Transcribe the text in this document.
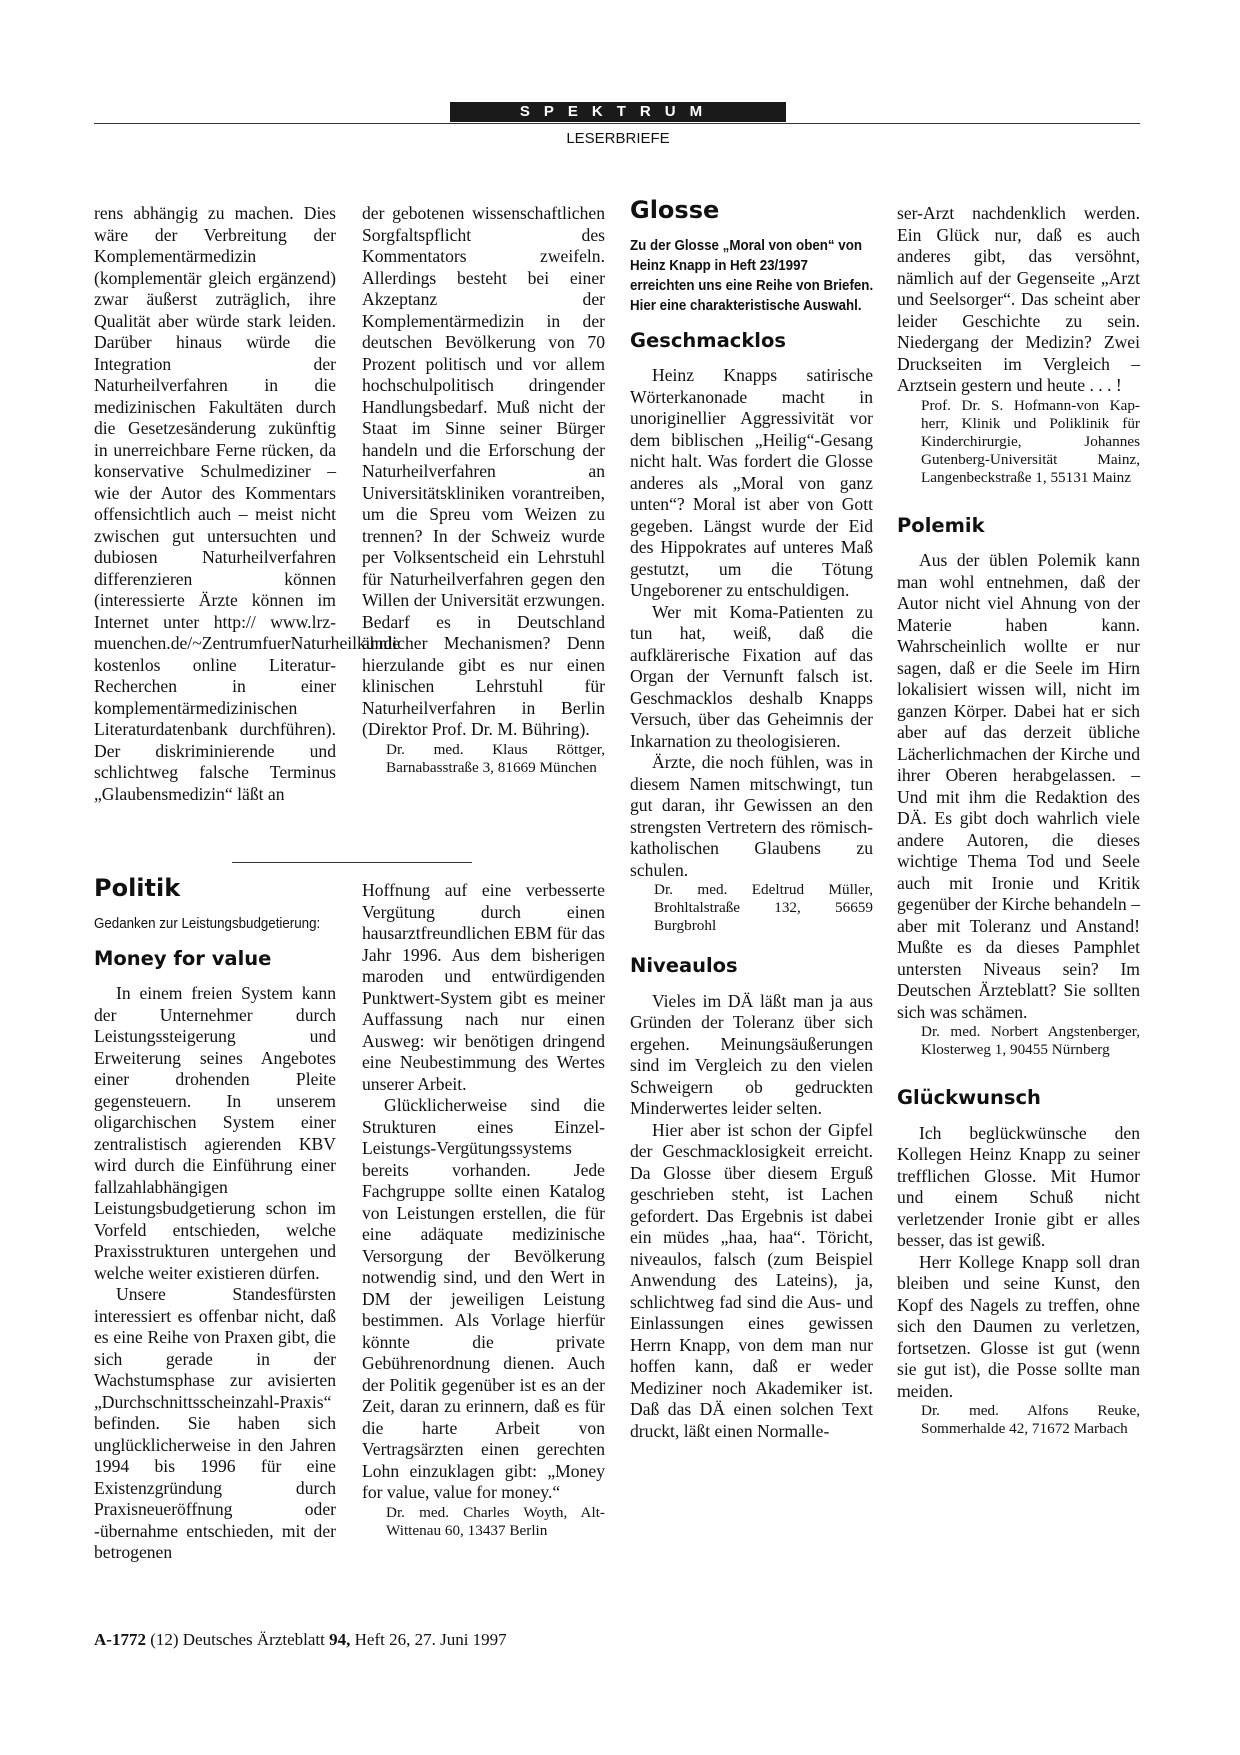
SPEKTRUM
LESERBRIEFE

rens abhängig zu machen. Dies wäre der Verbreitung der Komplementärmedizin (komplementär gleich ergänzend) zwar äußerst zuträglich, ihre Qualität aber würde stark leiden. Darüber hinaus würde die Integration der Naturheilverfahren in die medizinischen Fakultäten durch die Gesetzesänderung zukünftig in unerreichbare Ferne rücken, da konservative Schulmediziner – wie der Autor des Kommentars offensichtlich auch – meist nicht zwischen gut untersuchten und dubiosen Naturheilverfahren differenzieren können (interessierte Ärzte können im Internet unter http:// www.lrz-muenchen.de/~ZentrumfuerNaturheilkunde kostenlos online Literatur-Recherchen in einer komplementärmedizinischen Literaturdatenbank durchführen). Der diskriminierende und schlichtweg falsche Terminus „Glaubensmedizin“ läßt an

der gebotenen wissenschaftlichen Sorgfaltspflicht des Kommentators zweifeln. Allerdings besteht bei einer Akzeptanz der Komplementärmedizin in der deutschen Bevölkerung von 70 Prozent politisch und vor allem hochschulpolitisch dringender Handlungsbedarf. Muß nicht der Staat im Sinne seiner Bürger handeln und die Erforschung der Naturheilverfahren an Universitätskliniken vorantreiben, um die Spreu vom Weizen zu trennen? In der Schweiz wurde per Volksentscheid ein Lehrstuhl für Naturheilverfahren gegen den Willen der Universität erzwungen. Bedarf es in Deutschland ähnlicher Mechanismen? Denn hierzulande gibt es nur einen klinischen Lehrstuhl für Naturheilverfahren in Berlin (Direktor Prof. Dr. M. Bühring).

Dr. med. Klaus Röttger, Barnabasstraße 3, 81669 München

Politik
Gedanken zur Leistungsbudgetierung:
Money for value

In einem freien System kann der Unternehmer durch Leistungssteigerung und Erweiterung seines Angebotes einer drohenden Pleite gegensteuern. In unserem oligarchischen System einer zentralistisch agierenden KBV wird durch die Einführung einer fallzahlabhängigen Leistungsbudgetierung schon im Vorfeld entschieden, welche Praxisstrukturen untergehen und welche weiter existieren dürfen.

Unsere Standesfürsten interessiert es offenbar nicht, daß es eine Reihe von Praxen gibt, die sich gerade in der Wachstumsphase zur avisierten „Durchschnittsscheinzahl-Praxis“ befinden. Sie haben sich unglücklicherweise in den Jahren 1994 bis 1996 für eine Existenzgründung durch Praxisneueröffnung oder -übernahme entschieden, mit der betrogenen

Hoffnung auf eine verbesserte Vergütung durch einen hausarztfreundlichen EBM für das Jahr 1996. Aus dem bisherigen maroden und entwürdigenden Punktwert-System gibt es meiner Auffassung nach nur einen Ausweg: wir benötigen dringend eine Neubestimmung des Wertes unserer Arbeit.

Glücklicherweise sind die Strukturen eines Einzel-Leistungs-Vergütungssystems bereits vorhanden. Jede Fachgruppe sollte einen Katalog von Leistungen erstellen, die für eine adäquate medizinische Versorgung der Bevölkerung notwendig sind, und den Wert in DM der jeweiligen Leistung bestimmen. Als Vorlage hierfür könnte die private Gebührenordnung dienen. Auch der Politik gegenüber ist es an der Zeit, daran zu erinnern, daß es für die harte Arbeit von Vertragsärzten einen gerechten Lohn einzuklagen gibt: „Money for value, value for money.“

Dr. med. Charles Woyth, Alt-Wittenau 60, 13437 Berlin

Glosse
Zu der Glosse „Moral von oben“ von Heinz Knapp in Heft 23/1997 erreichten uns eine Reihe von Briefen. Hier eine charakteristische Auswahl.
Geschmacklos

Heinz Knapps satirische Wörterkanonade macht in unoriginellier Aggressivität vor dem biblischen „Heilig“-Gesang nicht halt. Was fordert die Glosse anderes als „Moral von ganz unten“? Moral ist aber von Gott gegeben. Längst wurde der Eid des Hippokrates auf unteres Maß gestutzt, um die Tötung Ungeborener zu entschuldigen.

Wer mit Koma-Patienten zu tun hat, weiß, daß die aufklärerische Fixation auf das Organ der Vernunft falsch ist. Geschmacklos deshalb Knapps Versuch, über das Geheimnis der Inkarnation zu theologisieren.

Ärzte, die noch fühlen, was in diesem Namen mitschwingt, tun gut daran, ihr Gewissen an den strengsten Vertretern des römisch-katholischen Glaubens zu schulen.

Dr. med. Edeltrud Müller, Brohltalstraße 132, 56659 Burgbrohl

Niveaulos

Vieles im DÄ läßt man ja aus Gründen der Toleranz über sich ergehen. Meinungsäußerungen sind im Vergleich zu den vielen Schweigern ob gedruckten Minderwertes leider selten.

Hier aber ist schon der Gipfel der Geschmacklosigkeit erreicht. Da Glosse über diesem Erguß geschrieben steht, ist Lachen gefordert. Das Ergebnis ist dabei ein müdes „haa, haa“. Töricht, niveaulos, falsch (zum Beispiel Anwendung des Lateins), ja, schlichtweg fad sind die Aus- und Einlassungen eines gewissen Herrn Knapp, von dem man nur hoffen kann, daß er weder Mediziner noch Akademiker ist. Daß das DÄ einen solchen Text druckt, läßt einen Normalle-

ser-Arzt nachdenklich werden. Ein Glück nur, daß es auch anderes gibt, das versöhnt, nämlich auf der Gegenseite „Arzt und Seelsorger“. Das scheint aber leider Geschichte zu sein. Niedergang der Medizin? Zwei Druckseiten im Vergleich – Arztsein gestern und heute . . . !

Prof. Dr. S. Hofmann-von Kap-herr, Klinik und Poliklinik für Kinderchirurgie, Johannes Gutenberg-Universität Mainz, Langenbeckstraße 1, 55131 Mainz

Polemik

Aus der üblen Polemik kann man wohl entnehmen, daß der Autor nicht viel Ahnung von der Materie haben kann. Wahrscheinlich wollte er nur sagen, daß er die Seele im Hirn lokalisiert wissen will, nicht im ganzen Körper. Dabei hat er sich aber auf das derzeit übliche Lächerlichmachen der Kirche und ihrer Oberen herabgelassen. – Und mit ihm die Redaktion des DÄ. Es gibt doch wahrlich viele andere Autoren, die dieses wichtige Thema Tod und Seele auch mit Ironie und Kritik gegenüber der Kirche behandeln – aber mit Toleranz und Anstand! Mußte es da dieses Pamphlet untersten Niveaus sein? Im Deutschen Ärzteblatt? Sie sollten sich was schämen.

Dr. med. Norbert Angstenberger, Klosterweg 1, 90455 Nürnberg

Glückwunsch

Ich beglückwünsche den Kollegen Heinz Knapp zu seiner trefflichen Glosse. Mit Humor und einem Schuß nicht verletzender Ironie gibt er alles besser, das ist gewiß.

Herr Kollege Knapp soll dran bleiben und seine Kunst, den Kopf des Nagels zu treffen, ohne sich den Daumen zu verletzen, fortsetzen. Glosse ist gut (wenn sie gut ist), die Posse sollte man meiden.

Dr. med. Alfons Reuke, Sommerhalde 42, 71672 Marbach

A-1772 (12) Deutsches Ärzteblatt 94, Heft 26, 27. Juni 1997
